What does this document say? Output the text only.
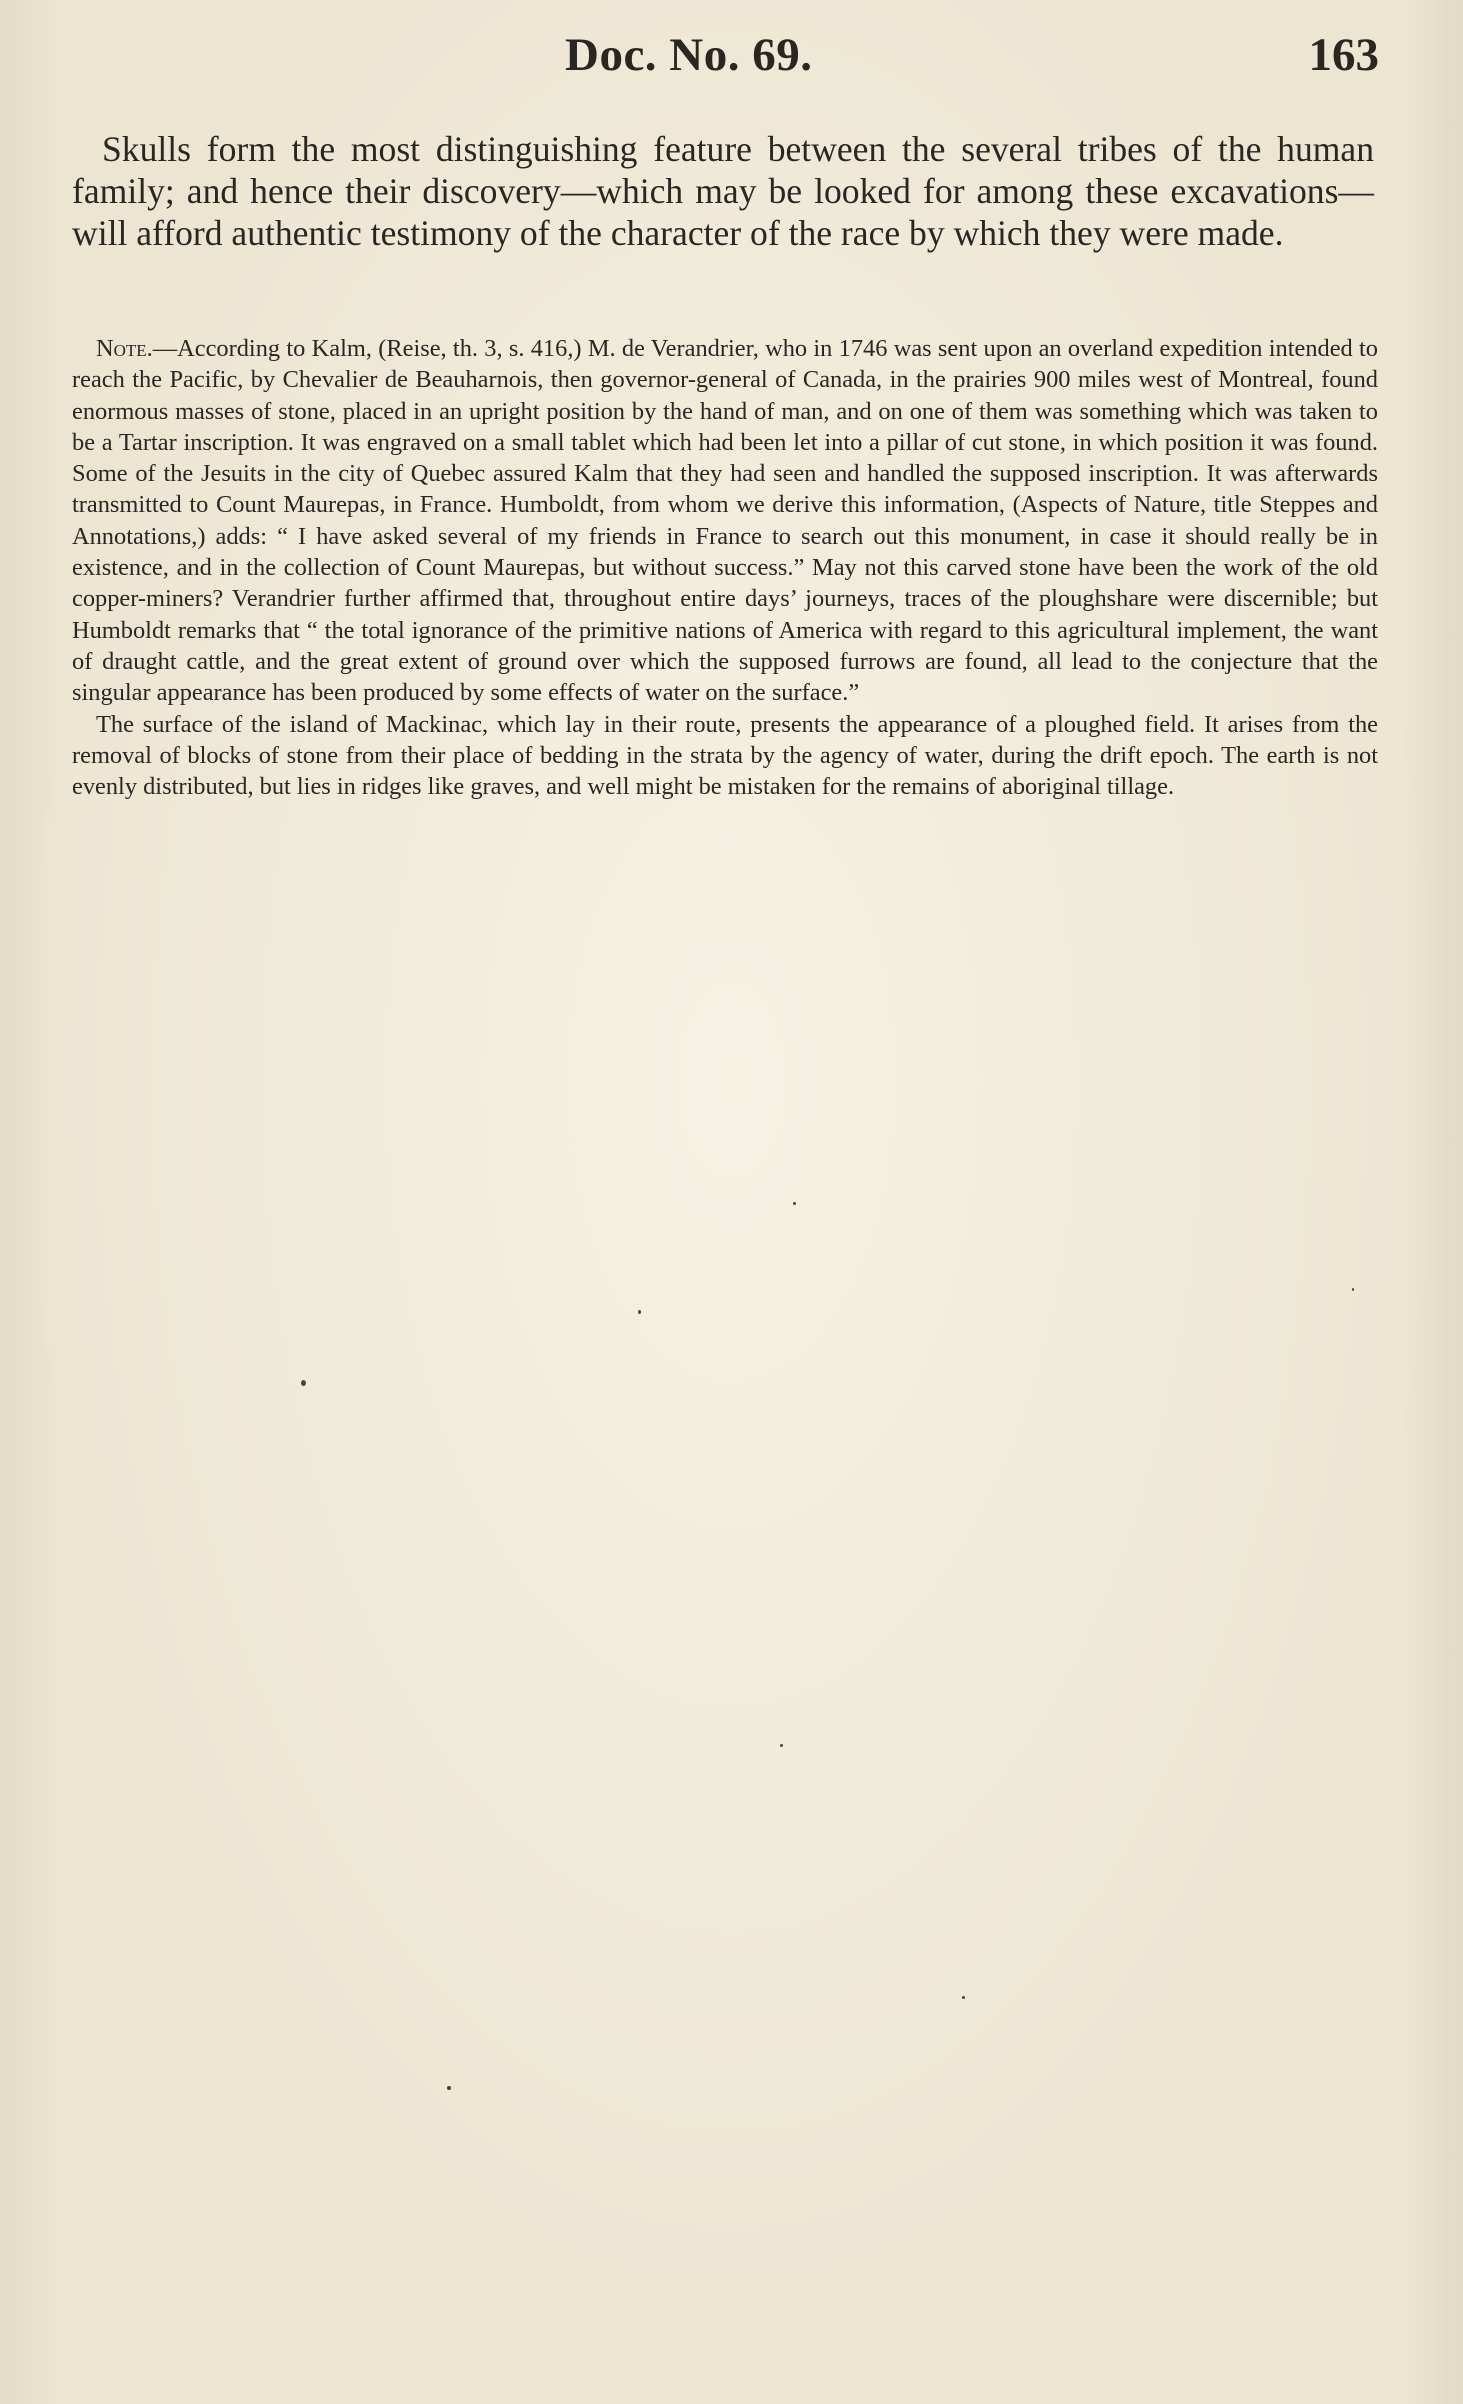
Doc. No. 69.	163

Skulls form the most distinguishing feature between the several tribes of the human family; and hence their discovery—which may be looked for among these excavations—will afford authentic testimony of the character of the race by which they were made.

Note.—According to Kalm, (Reise, th. 3, s. 416,) M. de Verandrier, who in 1746 was sent upon an overland expedition intended to reach the Pacific, by Chevalier de Beauharnois, then governor-general of Canada, in the prairies 900 miles west of Montreal, found enormous masses of stone, placed in an upright position by the hand of man, and on one of them was something which was taken to be a Tartar inscription. It was engraved on a small tablet which had been let into a pillar of cut stone, in which position it was found. Some of the Jesuits in the city of Quebec assured Kalm that they had seen and handled the supposed inscription. It was afterwards transmitted to Count Maurepas, in France. Humboldt, from whom we derive this information, (Aspects of Nature, title Steppes and Annotations,) adds: “ I have asked several of my friends in France to search out this monument, in case it should really be in existence, and in the collection of Count Maurepas, but without success.” May not this carved stone have been the work of the old copper-miners? Verandrier further affirmed that, throughout entire days’ journeys, traces of the ploughshare were discernible; but Humboldt remarks that “ the total ignorance of the primitive nations of America with regard to this agricultural implement, the want of draught cattle, and the great extent of ground over which the supposed furrows are found, all lead to the conjecture that the singular appearance has been produced by some effects of water on the surface.”

The surface of the island of Mackinac, which lay in their route, presents the appearance of a ploughed field. It arises from the removal of blocks of stone from their place of bedding in the strata by the agency of water, during the drift epoch. The earth is not evenly distributed, but lies in ridges like graves, and well might be mistaken for the remains of aboriginal tillage.
